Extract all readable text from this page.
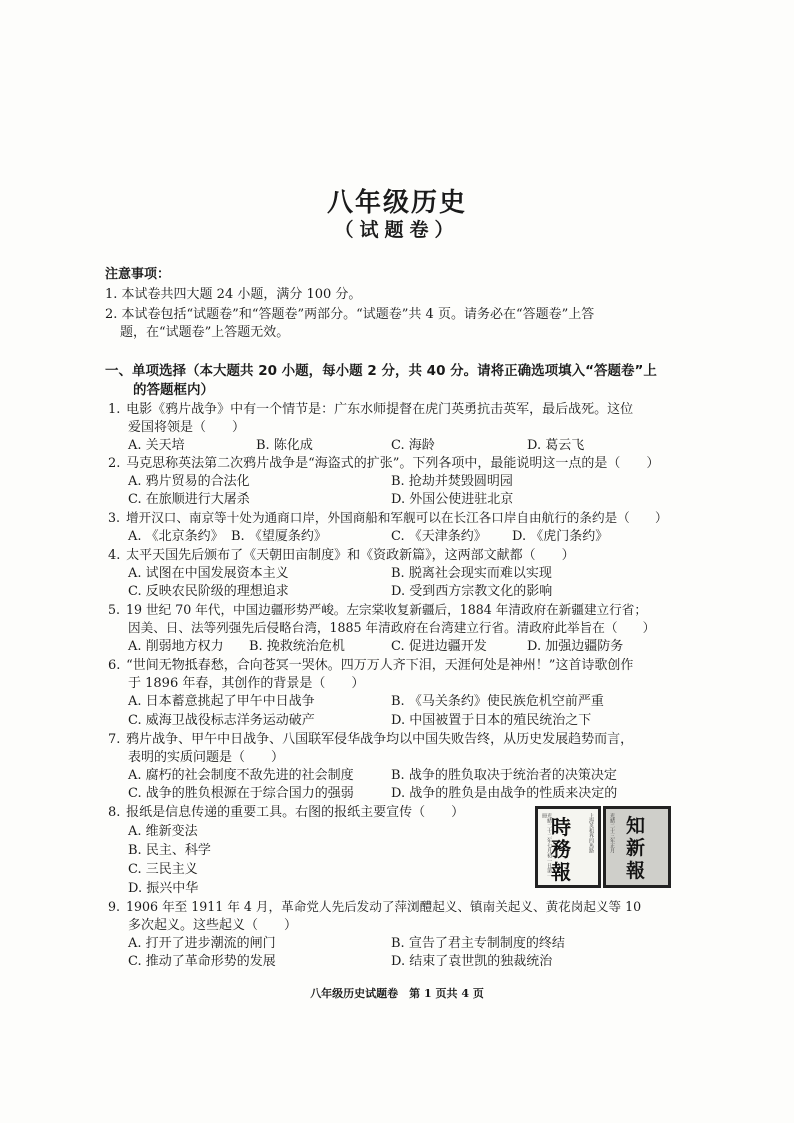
八年级历史
（试题卷）
注意事项：
1. 本试卷共四大题 24 小题，满分 100 分。
2. 本试卷包括“试题卷”和“答题卷”两部分。“试题卷”共 4 页。请务必在“答题卷”上答
题，在“试题卷”上答题无效。
一、单项选择（本大题共 20 小题，每小题 2 分，共 40 分。请将正确选项填入“答题卷”上
的答题框内）
1. 电影《鸦片战争》中有一个情节是：广东水师提督在虎门英勇抗击英军，最后战死。这位
爱国将领是（　　）
A. 关天培	B. 陈化成	C. 海龄	D. 葛云飞
2. 马克思称英法第二次鸦片战争是“海盗式的扩张”。下列各项中，最能说明这一点的是（　　）
A. 鸦片贸易的合法化	B. 抢劫并焚毁圆明园
C. 在旅顺进行大屠杀	D. 外国公使进驻北京
3. 增开汉口、南京等十处为通商口岸，外国商船和军舰可以在长江各口岸自由航行的条约是（　　）
A. 《北京条约》 B. 《望厦条约》	C. 《天津条约》 D. 《虎门条约》
4. 太平天国先后颁布了《天朝田亩制度》和《资政新篇》，这两部文献都（　　）
A. 试图在中国发展资本主义	B. 脱离社会现实而难以实现
C. 反映农民阶级的理想追求	D. 受到西方宗教文化的影响
5. 19 世纪 70 年代，中国边疆形势严峻。左宗棠收复新疆后，1884 年清政府在新疆建立行省；
因美、日、法等列强先后侵略台湾，1885 年清政府在台湾建立行省。清政府此举旨在（　　）
A. 削弱地方权力 B. 挽救统治危机	C. 促进边疆开发	D. 加强边疆防务
6. “世间无物抵春愁，合向苍冥一哭休。四万万人齐下泪，天涯何处是神州！”这首诗歌创作
于 1896 年春，其创作的背景是（　　）
A. 日本蓄意挑起了甲午中日战争	B. 《马关条约》使民族危机空前严重
C. 威海卫战役标志洋务运动破产	D. 中国被置于日本的殖民统治之下
7. 鸦片战争、甲午中日战争、八国联军侵华战争均以中国失败告终，从历史发展趋势而言，
表明的实质问题是（　　）
A. 腐朽的社会制度不敌先进的社会制度	B. 战争的胜负取决于统治者的决策决定
C. 战争的胜负根源在于综合国力的强弱	D. 战争的胜负是由战争的性质来决定的
8. 报纸是信息传递的重要工具。右图的报纸主要宣传（　　）
A. 维新变法
B. 民主、科学
C. 三民主义
D. 振兴中华
光緒二十二年七月初一日第一冊	上海英租界四馬路
時
務
報
光緒二十三年正月 知
新
報
9. 1906 年至 1911 年 4 月，革命党人先后发动了萍浏醴起义、镇南关起义、黄花岗起义等 10
多次起义。这些起义（　　）
A. 打开了进步潮流的闸门	B. 宣告了君主专制制度的终结
C. 推动了革命形势的发展	D. 结束了袁世凯的独裁统治
八年级历史试题卷　第 1 页共 4 页
